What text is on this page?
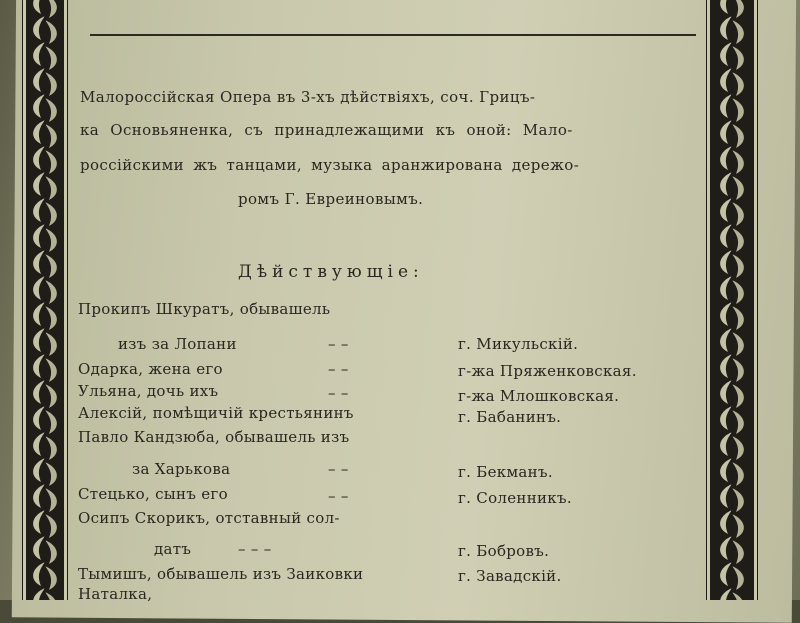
Малороссійская Опера въ 3-хъ дѣйствіяхъ, соч. Грицъ-
ка Основьяненка, съ принадлежащими къ оной: Мало-
россійскими жъ танцами, музыка аранжирована дережо-
ромъ Г. Евреиновымъ.
Дѣйствующіе:
Прокипъ Шкуратъ, обывашель
изъ за Лопани	– –	г. Микульскій.
Одарка, жена его	– –	г-жа Пряженковская.
Ульяна, дочь ихъ	– –	г-жа Млошковская.
Алексій, помѣщичій крестьянинъ	г. Бабанинъ.
Павло Кандзюба, обывашель изъ
за Харькова	– –	г. Бекманъ.
Стецько, сынъ его	– –	г. Соленникъ.
Осипъ Скорикъ, отставный сол-
датъ	– – –	г. Бобровъ.
Тымишъ, обывашель изъ Заиковки	г. Завадскій.
Наталка,
